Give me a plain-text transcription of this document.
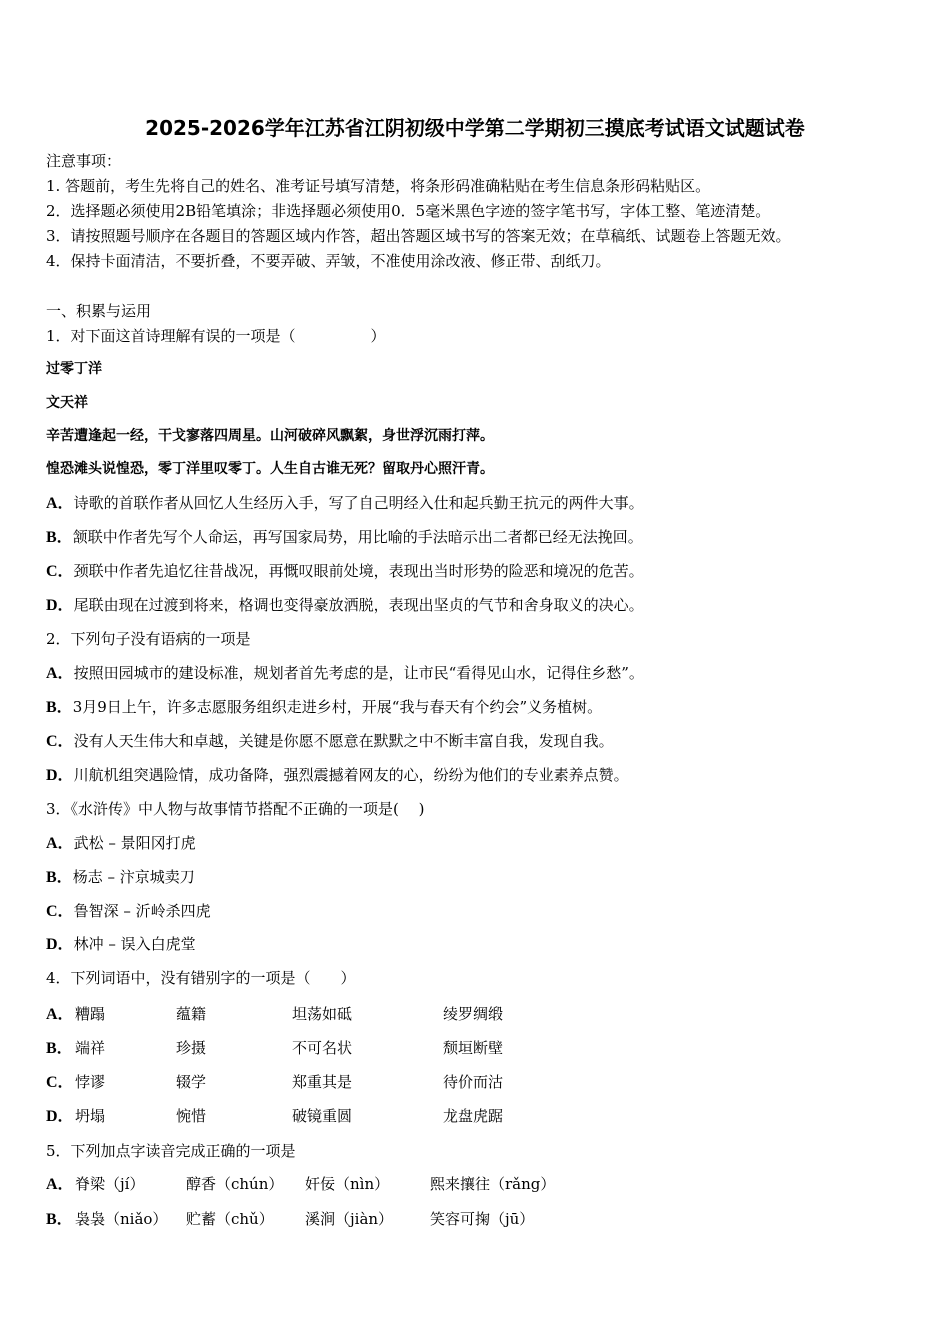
2025-2026学年江苏省江阴初级中学第二学期初三摸底考试语文试题试卷
注意事项：
1. 答题前，考生先将自己的姓名、准考证号填写清楚，将条形码准确粘贴在考生信息条形码粘贴区。
2．选择题必须使用2B铅笔填涂；非选择题必须使用0．5毫米黑色字迹的签字笔书写，字体工整、笔迹清楚。
3．请按照题号顺序在各题目的答题区域内作答，超出答题区域书写的答案无效；在草稿纸、试题卷上答题无效。
4．保持卡面清洁，不要折叠，不要弄破、弄皱，不准使用涂改液、修正带、刮纸刀。
一、积累与运用
1．对下面这首诗理解有误的一项是（　　　　　）
过零丁洋
文天祥
辛苦遭逢起一经，干戈寥落四周星。山河破碎风飘絮，身世浮沉雨打萍。
惶恐滩头说惶恐，零丁洋里叹零丁。人生自古谁无死？留取丹心照汗青。
2．下列句子没有语病的一项是
3．《水浒传》中人物与故事情节搭配不正确的一项是(　 )
4．下列词语中，没有错别字的一项是（　　）
5．下列加点字读音完成正确的一项是
A．诗歌的首联作者从回忆人生经历入手，写了自己明经入仕和起兵勤王抗元的两件大事。
B．颔联中作者先写个人命运，再写国家局势，用比喻的手法暗示出二者都已经无法挽回。
C．颈联中作者先追忆往昔战况，再慨叹眼前处境，表现出当时形势的险恶和境况的危苦。
D．尾联由现在过渡到将来，格调也变得豪放洒脱，表现出坚贞的气节和舍身取义的决心。
A．按照田园城市的建设标准，规划者首先考虑的是，让市民“看得见山水，记得住乡愁”。
B．3月9日上午，许多志愿服务组织走进乡村，开展“我与春天有个约会”义务植树。
C．没有人天生伟大和卓越，关键是你愿不愿意在默默之中不断丰富自我，发现自我。
D．川航机组突遇险情，成功备降，强烈震撼着网友的心，纷纷为他们的专业素养点赞。
A．武松 – 景阳冈打虎
B．杨志 – 汴京城卖刀
C．鲁智深 – 沂岭杀四虎
D．林冲 – 误入白虎堂
A． 糟蹋	蕴籍	坦荡如砥	绫罗绸缎
B． 端祥	珍摄	不可名状	颓垣断壁
C． 悖谬	辍学	郑重其是	待价而沽
D． 坍塌	惋惜	破镜重圆	龙盘虎踞
A． 脊梁（jí）	醇香（chún） 奸佞（nìn）	熙来攘往（rǎng）
B． 袅袅（niǎo） 贮蓄（chǔ） 溪涧（jiàn） 笑容可掬（jū）
